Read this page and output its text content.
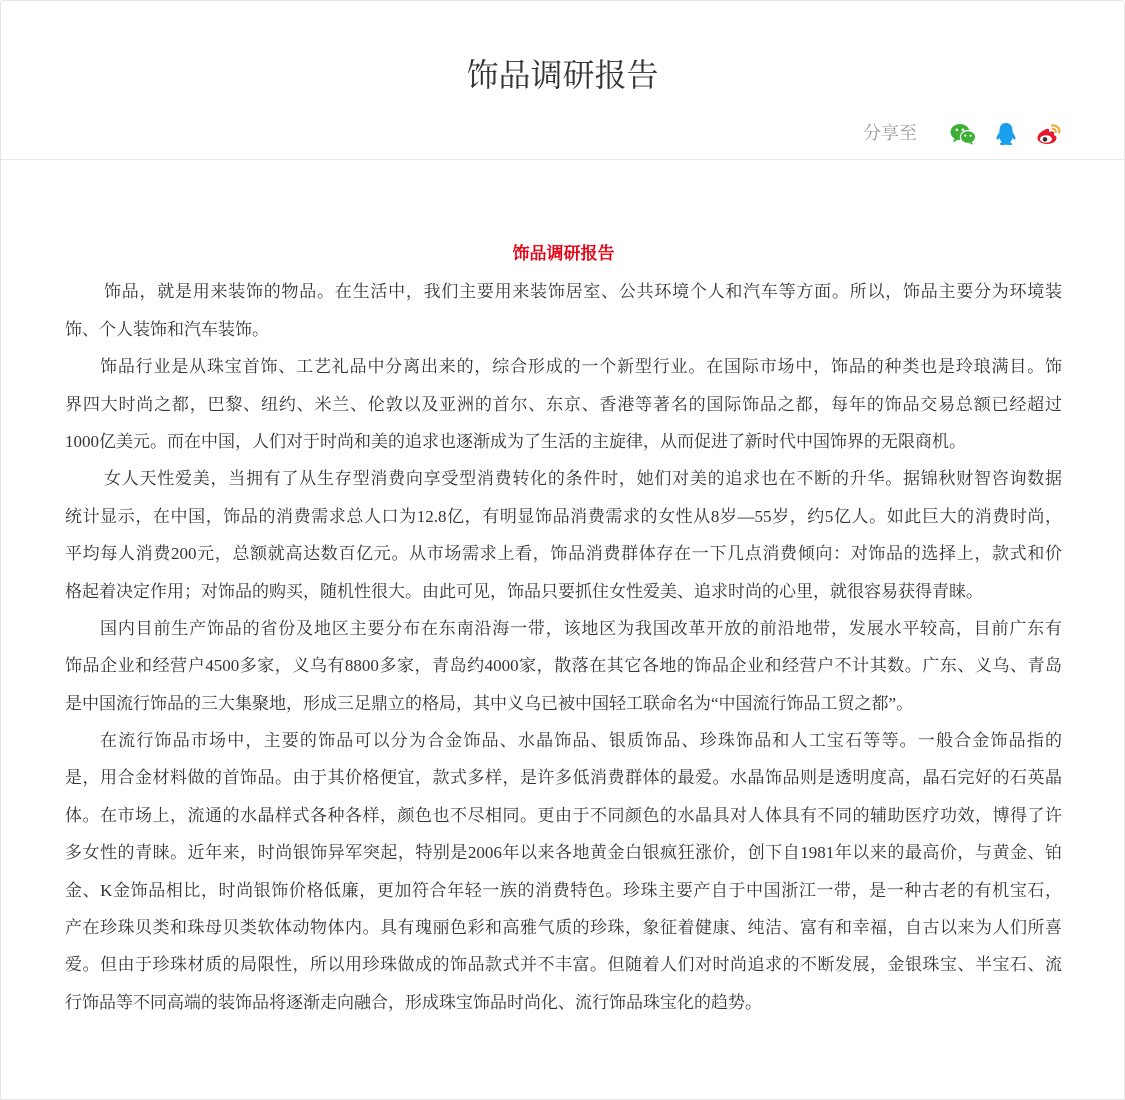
饰品调研报告
分享至
饰品调研报告
饰品，就是用来装饰的物品。在生活中，我们主要用来装饰居室、公共环境个人和汽车等方面。所以，饰品主要分为环境装
饰、个人装饰和汽车装饰。
饰品行业是从珠宝首饰、工艺礼品中分离出来的，综合形成的一个新型行业。在国际市场中，饰品的种类也是玲琅满目。饰
界四大时尚之都，巴黎、纽约、米兰、伦敦以及亚洲的首尔、东京、香港等著名的国际饰品之都，每年的饰品交易总额已经超过
1000亿美元。而在中国，人们对于时尚和美的追求也逐渐成为了生活的主旋律，从而促进了新时代中国饰界的无限商机。
女人天性爱美，当拥有了从生存型消费向享受型消费转化的条件时，她们对美的追求也在不断的升华。据锦秋财智咨询数据
统计显示，在中国，饰品的消费需求总人口为12.8亿，有明显饰品消费需求的女性从8岁—55岁，约5亿人。如此巨大的消费时尚，
平均每人消费200元，总额就高达数百亿元。从市场需求上看，饰品消费群体存在一下几点消费倾向：对饰品的选择上，款式和价
格起着决定作用；对饰品的购买，随机性很大。由此可见，饰品只要抓住女性爱美、追求时尚的心里，就很容易获得青睐。
国内目前生产饰品的省份及地区主要分布在东南沿海一带，该地区为我国改革开放的前沿地带，发展水平较高，目前广东有
饰品企业和经营户4500多家，义乌有8800多家，青岛约4000家，散落在其它各地的饰品企业和经营户不计其数。广东、义乌、青岛
是中国流行饰品的三大集聚地，形成三足鼎立的格局，其中义乌已被中国轻工联命名为“中国流行饰品工贸之都”。
在流行饰品市场中，主要的饰品可以分为合金饰品、水晶饰品、银质饰品、珍珠饰品和人工宝石等等。一般合金饰品指的
是，用合金材料做的首饰品。由于其价格便宜，款式多样，是许多低消费群体的最爱。水晶饰品则是透明度高，晶石完好的石英晶
体。在市场上，流通的水晶样式各种各样，颜色也不尽相同。更由于不同颜色的水晶具对人体具有不同的辅助医疗功效，博得了许
多女性的青睐。近年来，时尚银饰异军突起，特别是2006年以来各地黄金白银疯狂涨价，创下自1981年以来的最高价，与黄金、铂
金、K金饰品相比，时尚银饰价格低廉，更加符合年轻一族的消费特色。珍珠主要产自于中国浙江一带，是一种古老的有机宝石，
产在珍珠贝类和珠母贝类软体动物体内。具有瑰丽色彩和高雅气质的珍珠，象征着健康、纯洁、富有和幸福，自古以来为人们所喜
爱。但由于珍珠材质的局限性，所以用珍珠做成的饰品款式并不丰富。但随着人们对时尚追求的不断发展，金银珠宝、半宝石、流
行饰品等不同高端的装饰品将逐渐走向融合，形成珠宝饰品时尚化、流行饰品珠宝化的趋势。
